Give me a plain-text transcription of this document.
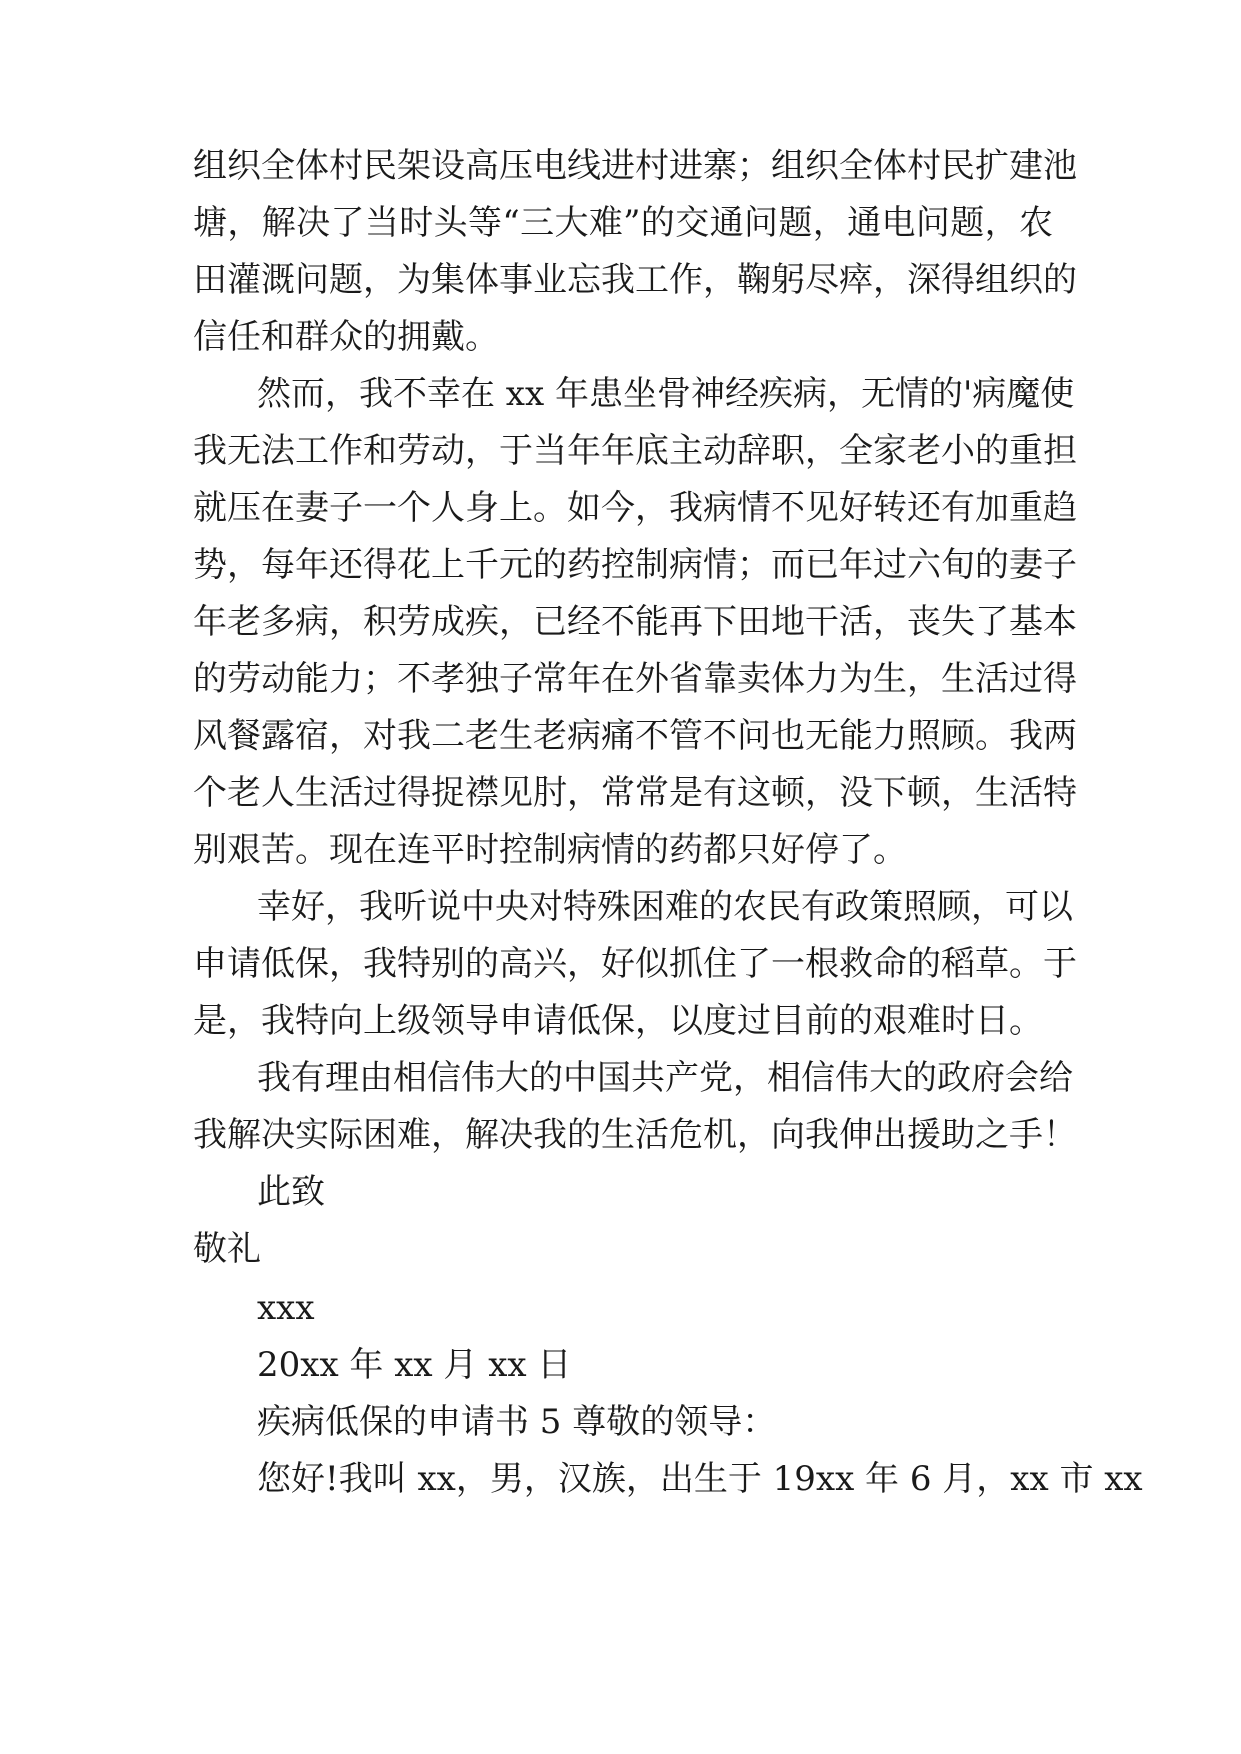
组织全体村民架设高压电线进村进寨；组织全体村民扩建池
塘，解决了当时头等“三大难”的交通问题，通电问题，农
田灌溉问题，为集体事业忘我工作，鞠躬尽瘁，深得组织的
信任和群众的拥戴。
然而，我不幸在 xx 年患坐骨神经疾病，无情的'病魔使
我无法工作和劳动，于当年年底主动辞职，全家老小的重担
就压在妻子一个人身上。如今，我病情不见好转还有加重趋
势，每年还得花上千元的药控制病情；而已年过六旬的妻子
年老多病，积劳成疾，已经不能再下田地干活，丧失了基本
的劳动能力；不孝独子常年在外省靠卖体力为生，生活过得
风餐露宿，对我二老生老病痛不管不问也无能力照顾。我两
个老人生活过得捉襟见肘，常常是有这顿，没下顿，生活特
别艰苦。现在连平时控制病情的药都只好停了。
幸好，我听说中央对特殊困难的农民有政策照顾，可以
申请低保，我特别的高兴，好似抓住了一根救命的稻草。于
是，我特向上级领导申请低保，以度过目前的艰难时日。
我有理由相信伟大的中国共产党，相信伟大的政府会给
我解决实际困难，解决我的生活危机，向我伸出援助之手！
此致
敬礼
xxx
20xx 年 xx 月 xx 日
疾病低保的申请书 5 尊敬的领导：
您好!我叫 xx，男，汉族，出生于 19xx 年 6 月，xx 市 xx
